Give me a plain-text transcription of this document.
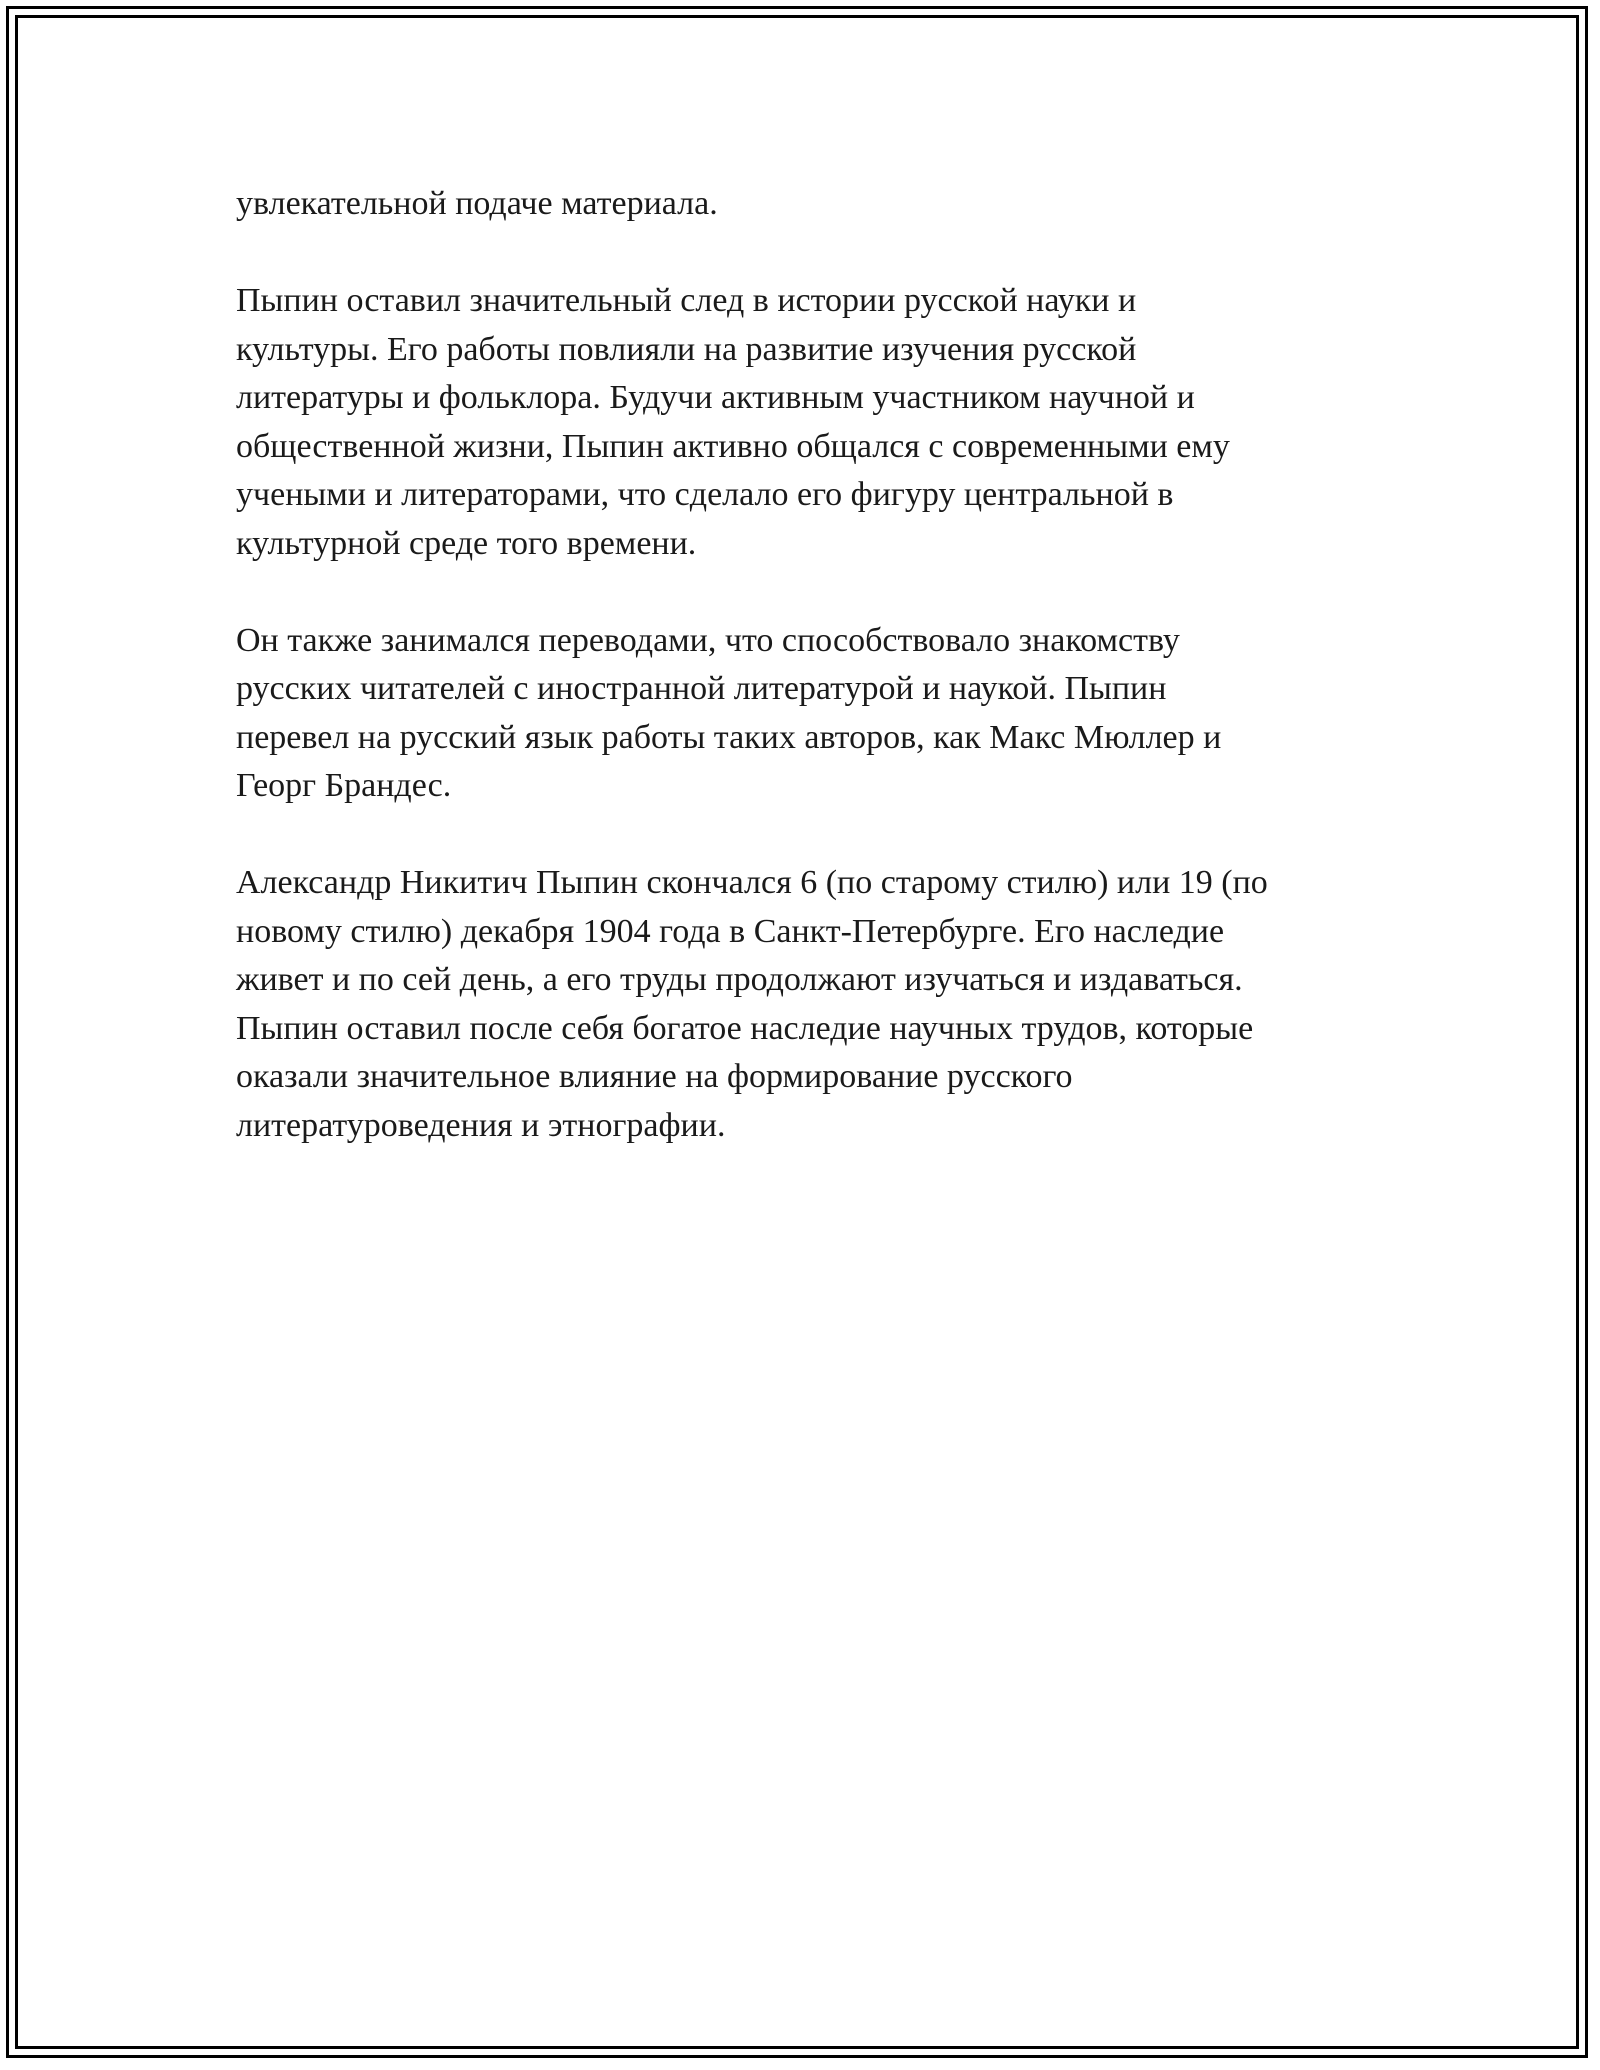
увлекательной подаче материала.

Пыпин оставил значительный след в истории русской науки и
культуры. Его работы повлияли на развитие изучения русской
литературы и фольклора. Будучи активным участником научной и
общественной жизни, Пыпин активно общался с современными ему
учеными и литераторами, что сделало его фигуру центральной в
культурной среде того времени.

Он также занимался переводами, что способствовало знакомству
русских читателей с иностранной литературой и наукой. Пыпин
перевел на русский язык работы таких авторов, как Макс Мюллер и
Георг Брандес.

Александр Никитич Пыпин скончался 6 (по старому стилю) или 19 (по
новому стилю) декабря 1904 года в Санкт-Петербурге. Его наследие
живет и по сей день, а его труды продолжают изучаться и издаваться.
Пыпин оставил после себя богатое наследие научных трудов, которые
оказали значительное влияние на формирование русского
литературоведения и этнографии.
